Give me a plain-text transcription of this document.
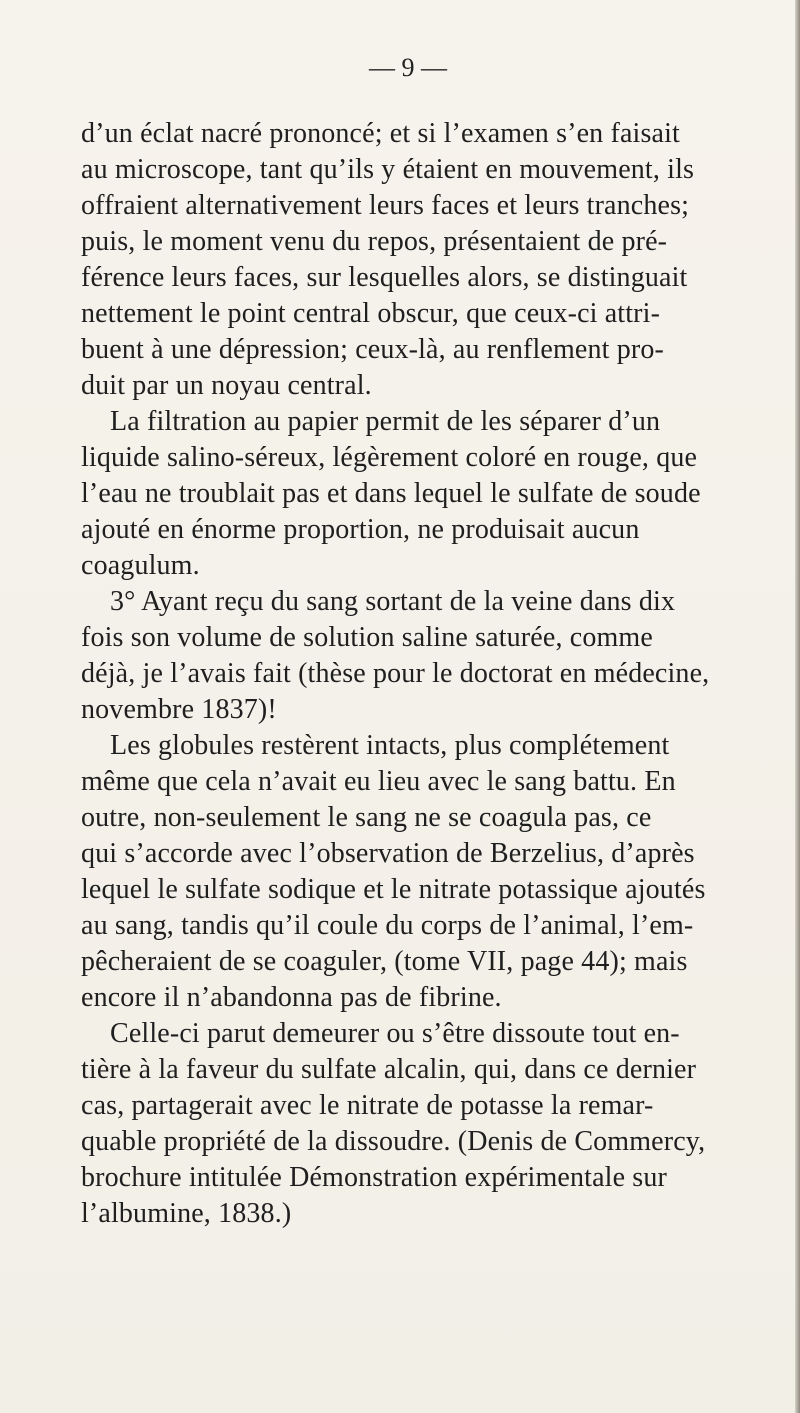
— 9 —
d’un éclat nacré prononcé; et si l’examen s’en faisait
au microscope, tant qu’ils y étaient en mouvement, ils
offraient alternativement leurs faces et leurs tranches;
puis, le moment venu du repos, présentaient de pré-
férence leurs faces, sur lesquelles alors, se distinguait
nettement le point central obscur, que ceux-ci attri-
buent à une dépression; ceux-là, au renflement pro-
duit par un noyau central.
La filtration au papier permit de les séparer d’un
liquide salino-séreux, légèrement coloré en rouge, que
l’eau ne troublait pas et dans lequel le sulfate de soude
ajouté en énorme proportion, ne produisait aucun
coagulum.
3° Ayant reçu du sang sortant de la veine dans dix
fois son volume de solution saline saturée, comme
déjà, je l’avais fait (thèse pour le doctorat en médecine,
novembre 1837)!
Les globules restèrent intacts, plus complétement
même que cela n’avait eu lieu avec le sang battu. En
outre, non-seulement le sang ne se coagula pas, ce
qui s’accorde avec l’observation de Berzelius, d’après
lequel le sulfate sodique et le nitrate potassique ajoutés
au sang, tandis qu’il coule du corps de l’animal, l’em-
pêcheraient de se coaguler, (tome VII, page 44); mais
encore il n’abandonna pas de fibrine.
Celle-ci parut demeurer ou s’être dissoute tout en-
tière à la faveur du sulfate alcalin, qui, dans ce dernier
cas, partagerait avec le nitrate de potasse la remar-
quable propriété de la dissoudre. (Denis de Commercy,
brochure intitulée Démonstration expérimentale sur
l’albumine, 1838.)
